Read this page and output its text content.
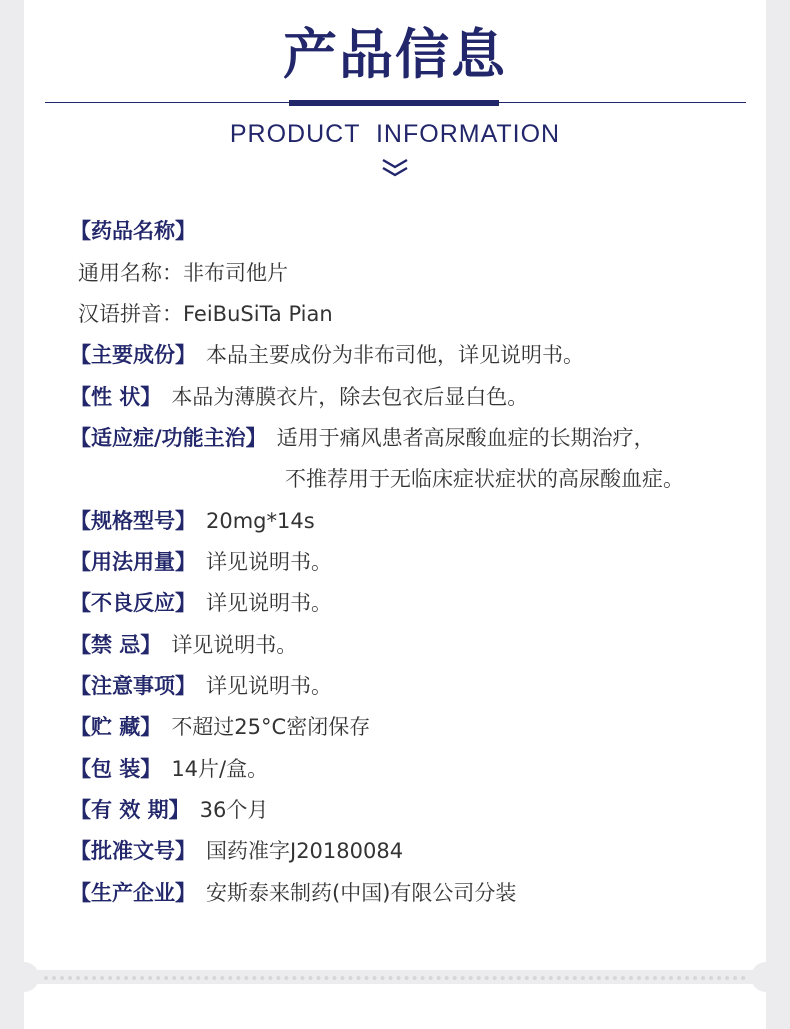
产品信息
PRODUCT INFORMATION
【药品名称】
通用名称：非布司他片
汉语拼音：FeiBuSiTa Pian
【主要成份】 本品主要成份为非布司他，详见说明书。
【性 状】 本品为薄膜衣片，除去包衣后显白色。
【适应症/功能主治】 适用于痛风患者高尿酸血症的长期治疗，
不推荐用于无临床症状症状的高尿酸血症。
【规格型号】 20mg*14s
【用法用量】 详见说明书。
【不良反应】 详见说明书。
【禁 忌】 详见说明书。
【注意事项】 详见说明书。
【贮 藏】 不超过25°C密闭保存
【包 装】 14片/盒。
【有 效 期】 36个月
【批准文号】 国药准字J20180084
【生产企业】 安斯泰来制药(中国)有限公司分装
